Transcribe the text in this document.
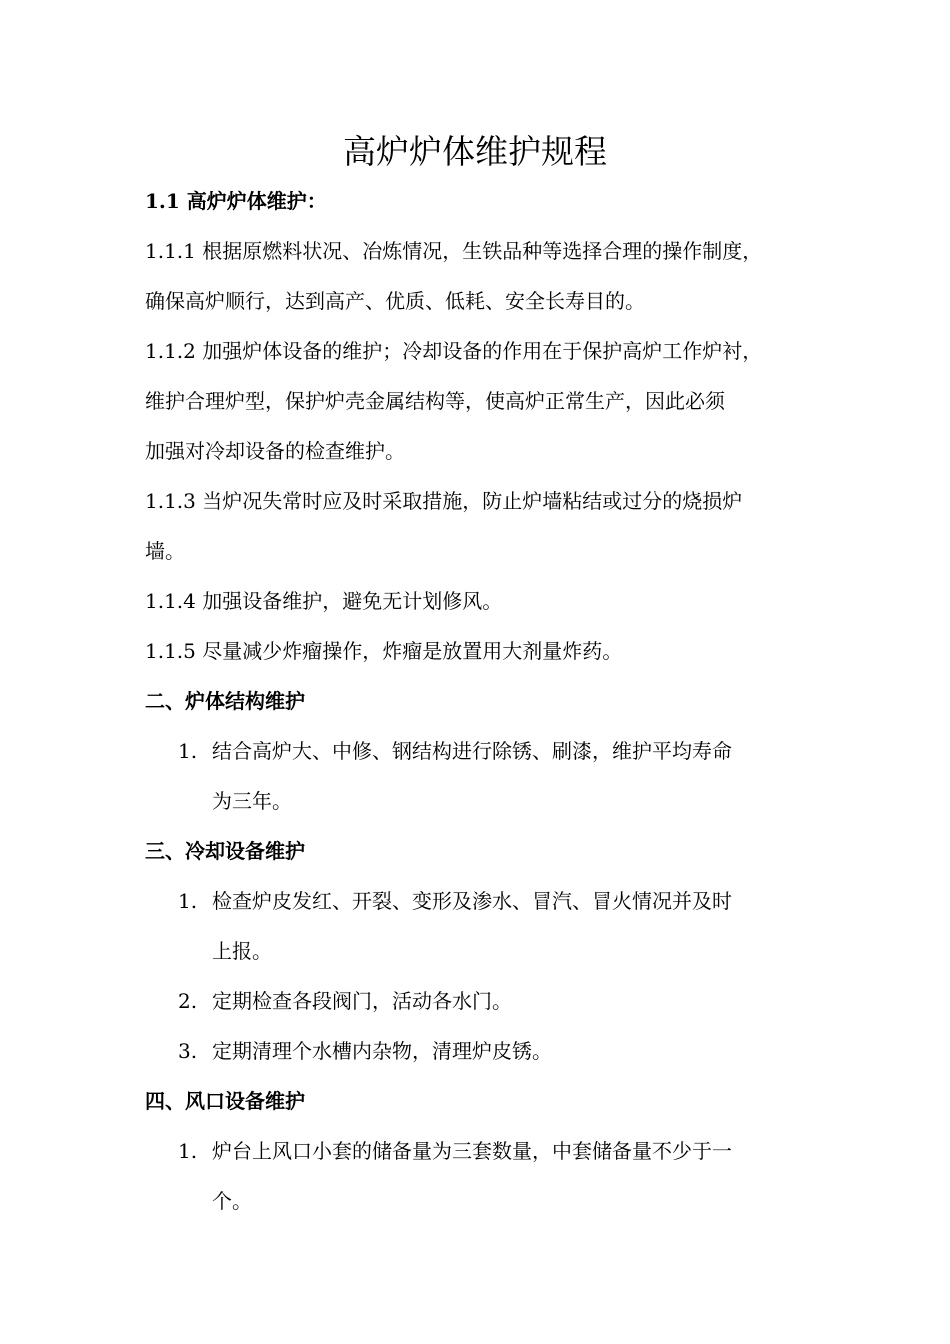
高炉炉体维护规程
1.1 高炉炉体维护：
1.1.1 根据原燃料状况、冶炼情况，生铁品种等选择合理的操作制度，
确保高炉顺行，达到高产、优质、低耗、安全长寿目的。
1.1.2 加强炉体设备的维护；冷却设备的作用在于保护高炉工作炉衬，
维护合理炉型，保护炉壳金属结构等，使高炉正常生产，因此必须
加强对冷却设备的检查维护。
1.1.3 当炉况失常时应及时采取措施，防止炉墙粘结或过分的烧损炉
墙。
1.1.4 加强设备维护，避免无计划修风。
1.1.5 尽量减少炸瘤操作，炸瘤是放置用大剂量炸药。
二、炉体结构维护
1. 结合高炉大、中修、钢结构进行除锈、刷漆，维护平均寿命
为三年。
三、冷却设备维护
1. 检查炉皮发红、开裂、变形及渗水、冒汽、冒火情况并及时
上报。
2. 定期检查各段阀门，活动各水门。
3. 定期清理个水槽内杂物，清理炉皮锈。
四、风口设备维护
1. 炉台上风口小套的储备量为三套数量，中套储备量不少于一
个。
